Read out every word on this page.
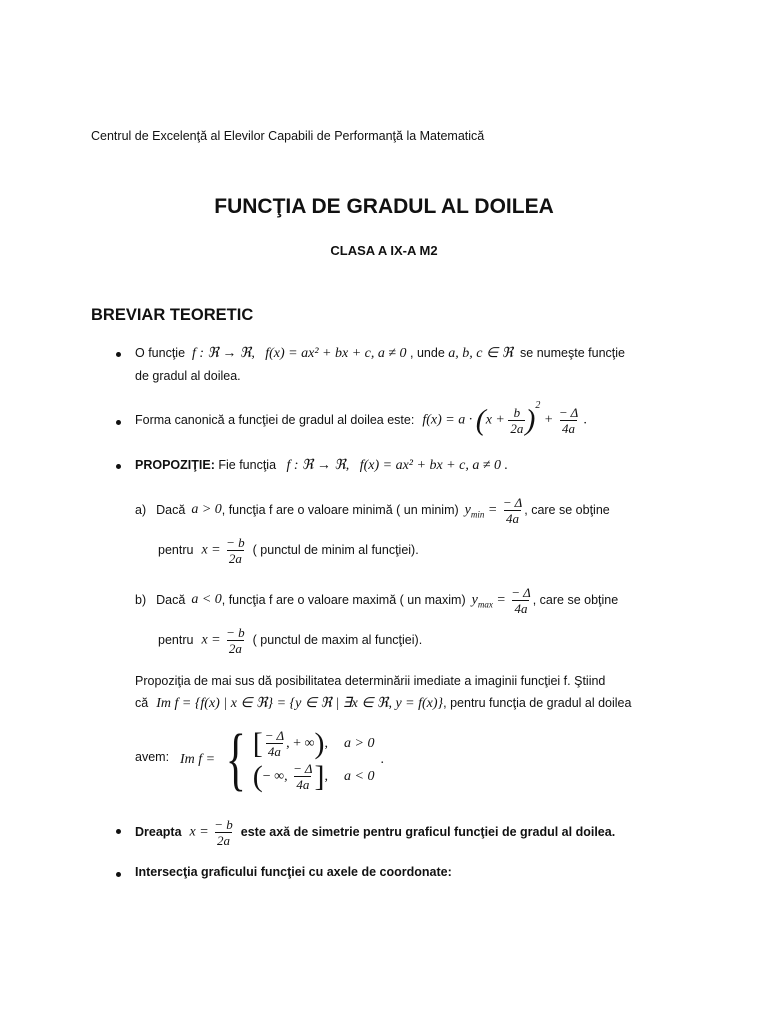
Centrul de Excelenţă al Elevilor Capabili de Performanţă la Matematică
FUNCŢIA DE GRADUL AL DOILEA
CLASA A IX-A M2
BREVIAR TEORETIC
O funcţie f : ℜ → ℜ, f(x) = ax² + bx + c, a ≠ 0 , unde a, b, c ∈ ℜ se numeşte funcţie
de gradul al doilea.
Forma canonică a funcţiei de gradul al doilea este: $f(x) = a \cdot (x + \frac{b}{2a} )^2 + \frac{- \Delta}{4a}$ .
PROPOZIŢIE: Fie funcţia f : ℜ → ℜ, f(x) = ax² + bx + c, a ≠ 0 .
a) Dacă a > 0 , funcţia f are o valoare minimă ( un minim) $y_{min} = \frac{- \Delta}{4a}$ , care se obţine
pentru $x = \frac{- b}{2a}$ ( punctul de minim al funcţiei).
b) Dacă a < 0 , funcţia f are o valoare maximă ( un maxim) $y_{max} = \frac{- \Delta}{4a}$ , care se obţine
pentru $x = \frac{- b}{2a}$ ( punctul de maxim al funcţiei).
Propoziţia de mai sus dă posibilitatea determinării imediate a imaginii funcţiei f. Ştiind
că Im f = {f(x) | x ∈ ℜ} = {y ∈ ℜ | ∃x ∈ ℜ, y = f(x)} , pentru funcţia de gradul al doilea
avem: Im f = { [ $\frac{- \Delta}{4a}$ , + ∞ ) , a > 0
( − ∞, $\frac{- \Delta}{4a}$ ] , a < 0
.
Dreapta $x = \frac{- b}{2a}$ este axă de simetrie pentru graficul funcţiei de gradul al doilea.
Intersecţia graficului funcţiei cu axele de coordonate:
